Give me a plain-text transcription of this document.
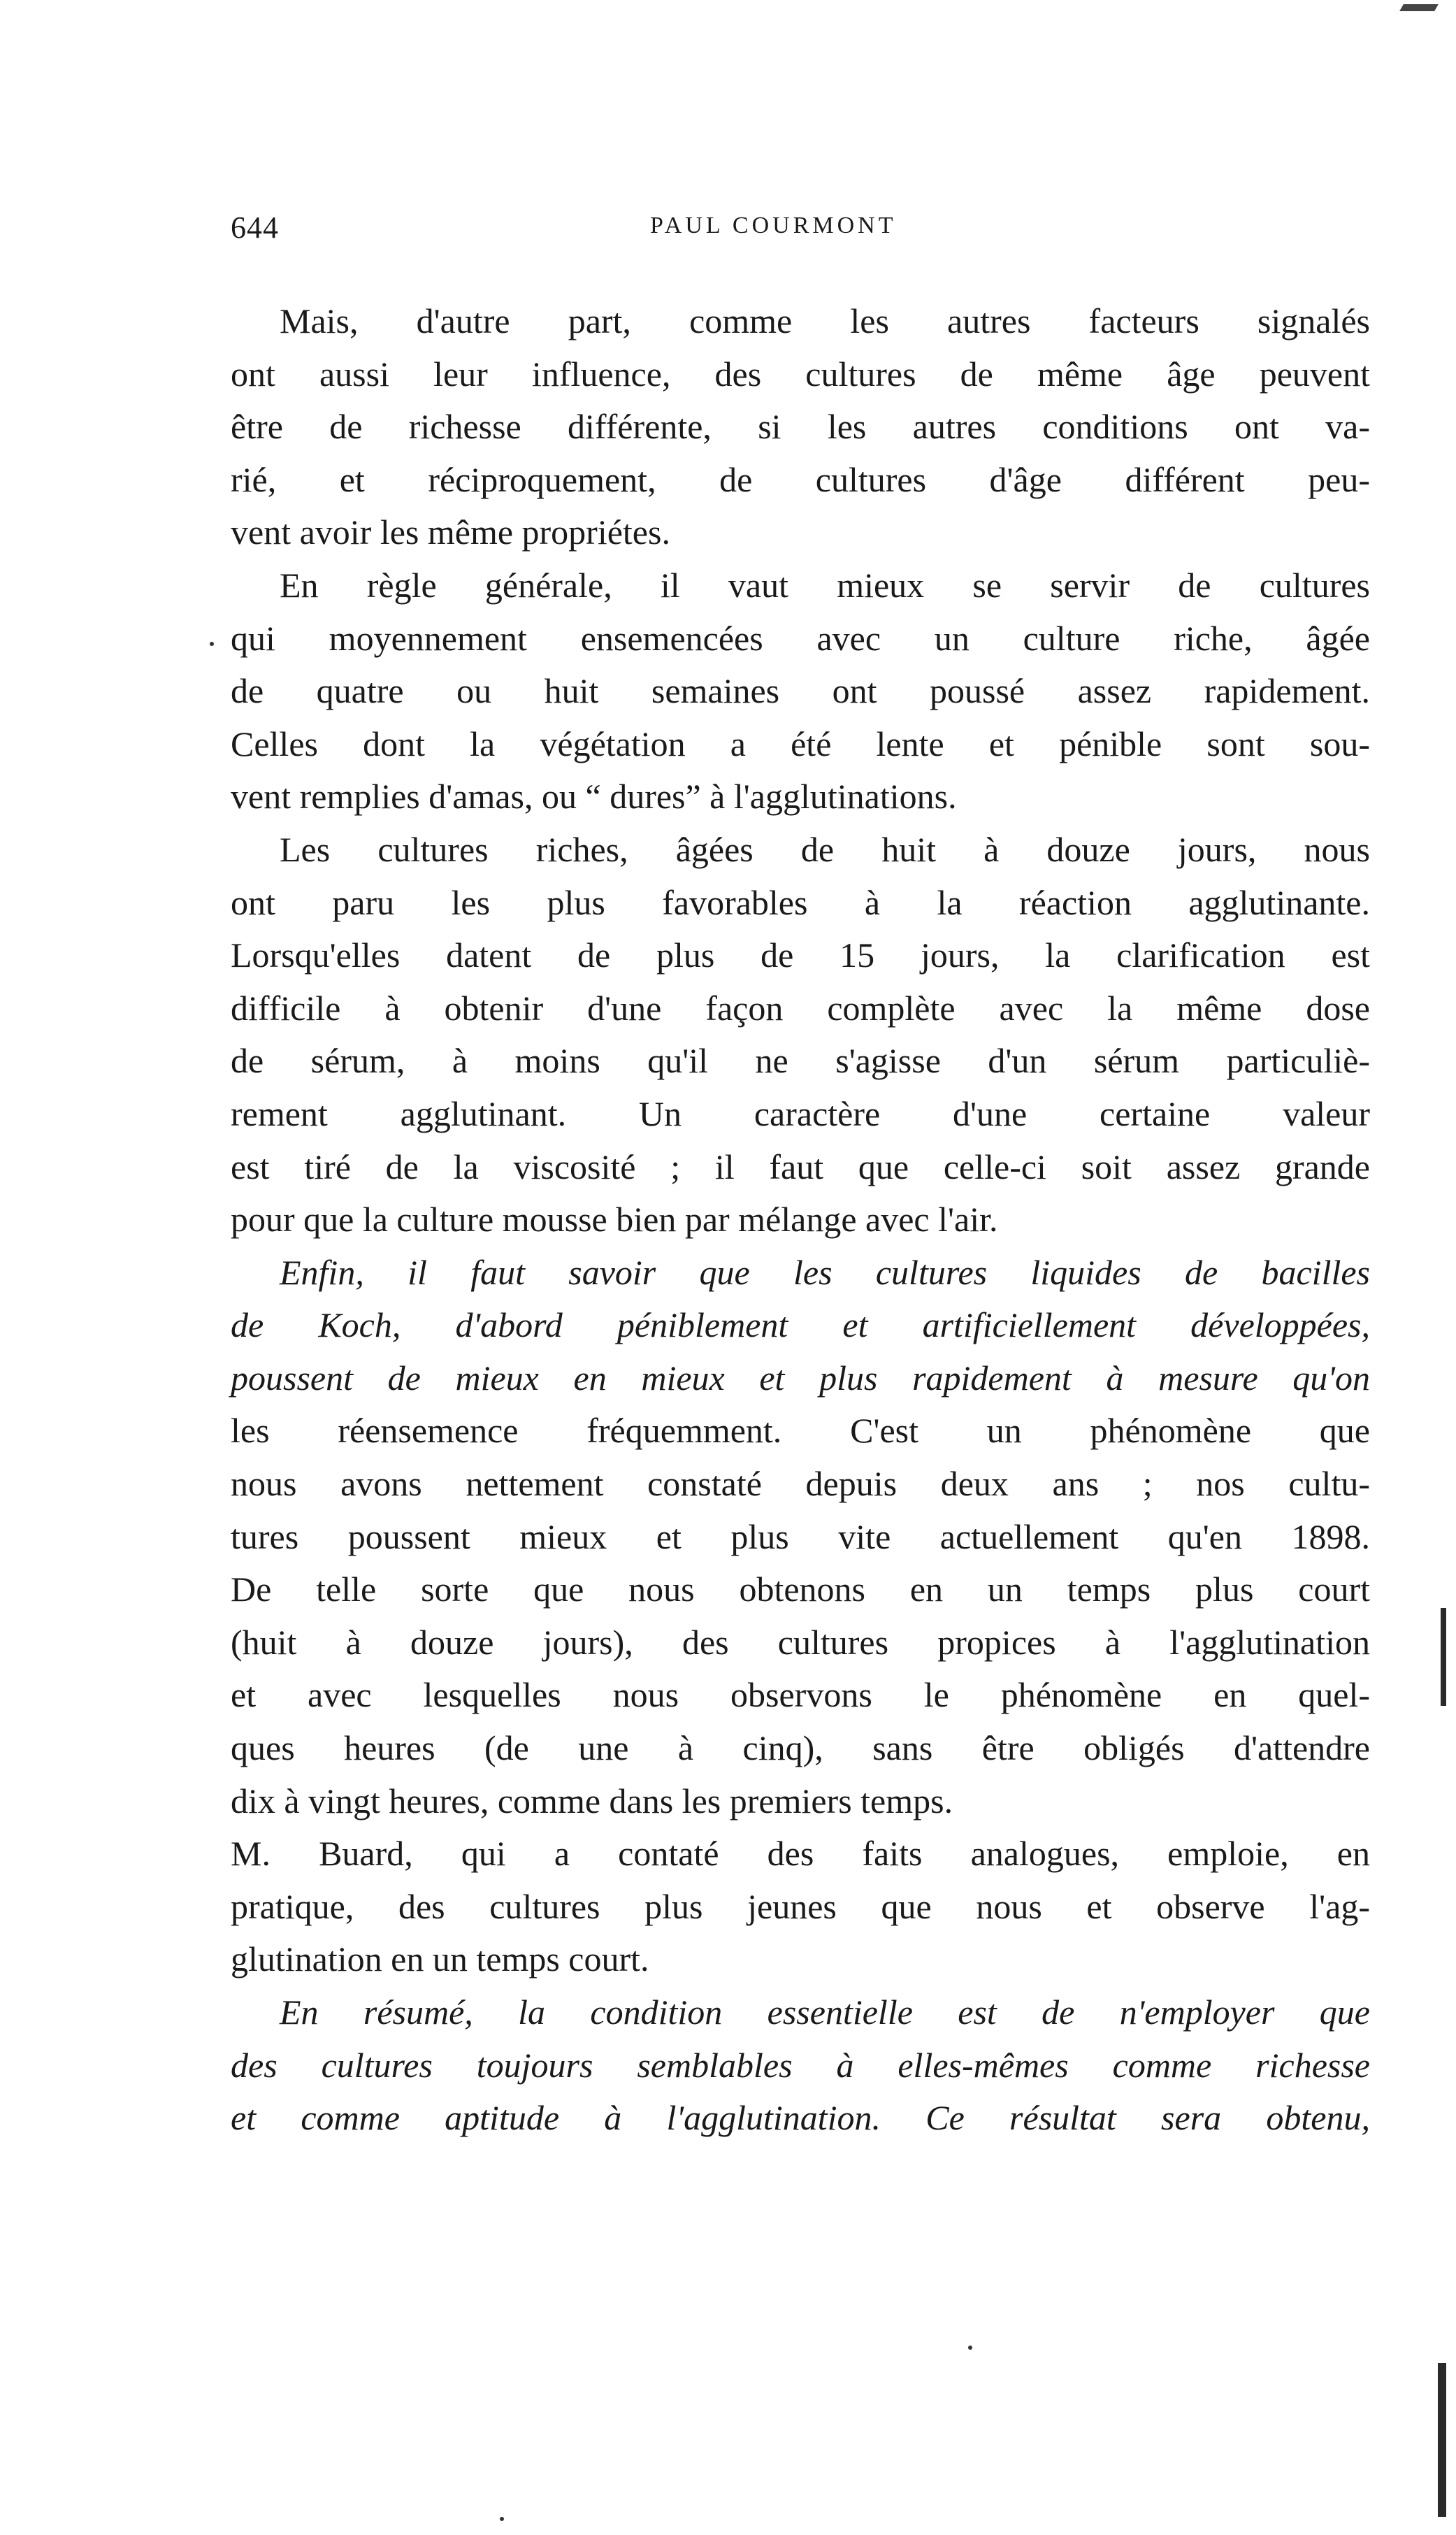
644	PAUL COURMONT
Mais, d'autre part, comme les autres facteurs signalés
ont aussi leur influence, des cultures de même âge peuvent
être de richesse différente, si les autres conditions ont va-
rié, et réciproquement, de cultures d'âge différent peu-
vent avoir les même propriétes.
En règle générale, il vaut mieux se servir de cultures
qui moyennement ensemencées avec un culture riche, âgée
de quatre ou huit semaines ont poussé assez rapidement.
Celles dont la végétation a été lente et pénible sont sou-
vent remplies d'amas, ou “ dures” à l'agglutinations.
Les cultures riches, âgées de huit à douze jours, nous
ont paru les plus favorables à la réaction agglutinante.
Lorsqu'elles datent de plus de 15 jours, la clarification est
difficile à obtenir d'une façon complète avec la même dose
de sérum, à moins qu'il ne s'agisse d'un sérum particuliè-
rement agglutinant. Un caractère d'une certaine valeur
est tiré de la viscosité ; il faut que celle-ci soit assez grande
pour que la culture mousse bien par mélange avec l'air.
Enfin, il faut savoir que les cultures liquides de bacilles
de Koch, d'abord péniblement et artificiellement développées,
poussent de mieux en mieux et plus rapidement à mesure qu'on
les réensemence fréquemment. C'est un phénomène que
nous avons nettement constaté depuis deux ans ; nos cultu-
tures poussent mieux et plus vite actuellement qu'en 1898.
De telle sorte que nous obtenons en un temps plus court
(huit à douze jours), des cultures propices à l'agglutination
et avec lesquelles nous observons le phénomène en quel-
ques heures (de une à cinq), sans être obligés d'attendre
dix à vingt heures, comme dans les premiers temps.
M. Buard, qui a contaté des faits analogues, emploie, en
pratique, des cultures plus jeunes que nous et observe l'ag-
glutination en un temps court.
En résumé, la condition essentielle est de n'employer que
des cultures toujours semblables à elles-mêmes comme richesse
et comme aptitude à l'agglutination. Ce résultat sera obtenu,
